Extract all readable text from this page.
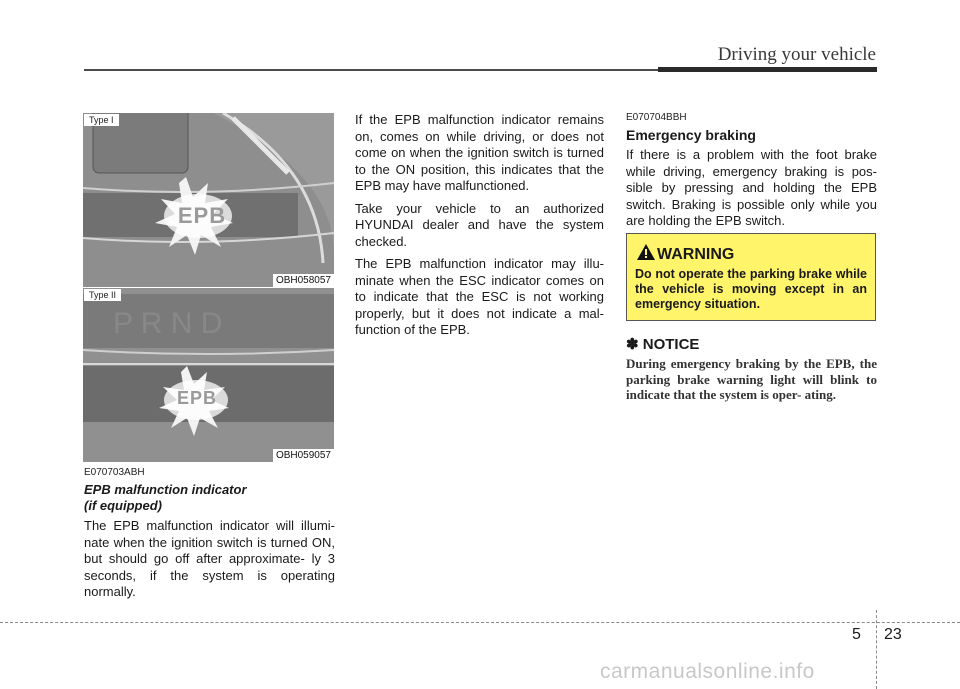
Driving your vehicle
EPB
Type I
OBH058057
P R N D
EPB
Type II
OBH059057
E070703ABH
EPB malfunction indicator
(if equipped)

The EPB malfunction indicator will illumi- nate when the ignition switch is turned ON, but should go off after approximate- ly 3 seconds, if the system is operating normally.

If the EPB malfunction indicator remains on, comes on while driving, or does not come on when the ignition switch is turned to the ON position, this indicates that the EPB may have malfunctioned.

Take your vehicle to an authorized HYUNDAI dealer and have the system checked.

The EPB malfunction indicator may illu- minate when the ESC indicator comes on to indicate that the ESC is not working properly, but it does not indicate a mal- function of the EPB.

E070704BBH
Emergency braking

If there is a problem with the foot brake while driving, emergency braking is pos- sible by pressing and holding the EPB switch. Braking is possible only while you are holding the EPB switch.

WARNING
Do not operate the parking brake while the vehicle is moving except in an emergency situation.
✽ NOTICE
During emergency braking by the EPB, the parking brake warning light will blink to indicate that the system is oper- ating.
5 23
carmanualsonline.info
